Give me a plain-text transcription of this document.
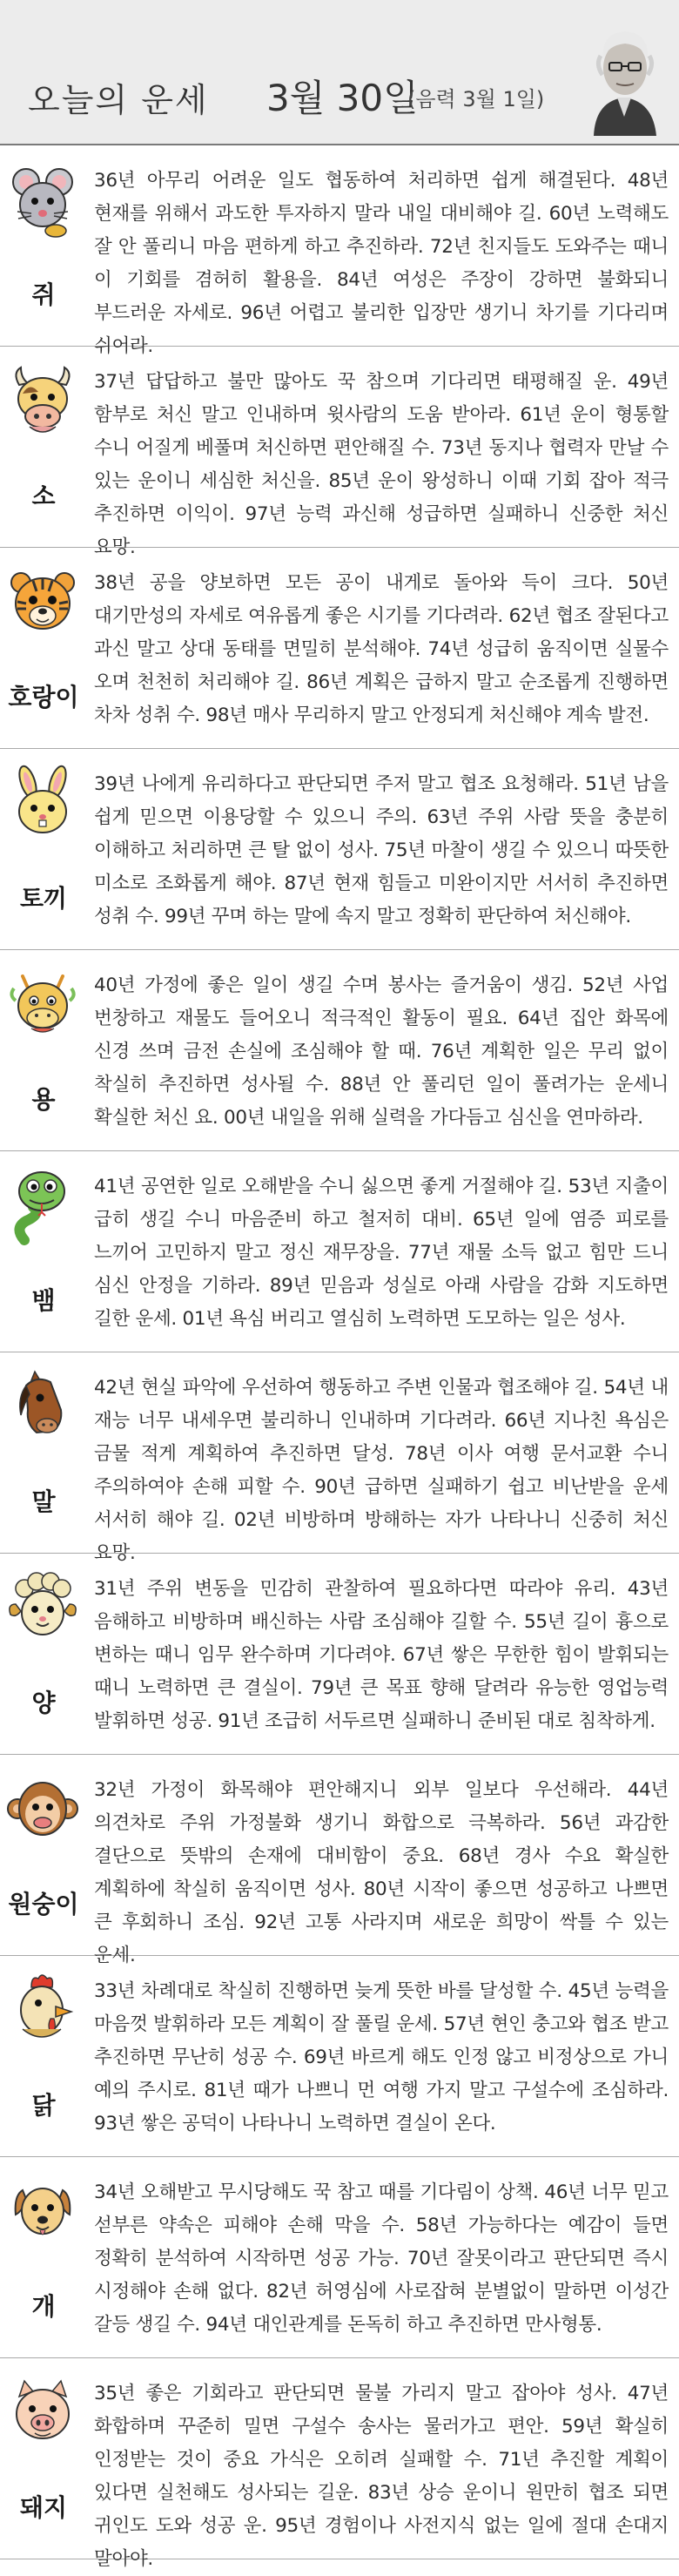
오늘의 운세 3월 30일
(음력 3월 1일)
쥐
36년 아무리 어려운 일도 협동하여 처리하면 쉽게 해결된다. 48년 현재를 위해서 과도한 투자하지 말라 내일 대비해야 길. 60년 노력해도 잘 안 풀리니 마음 편하게 하고 추진하라. 72년 친지들도 도와주는 때니 이 기회를 겸허히 활용을. 84년 여성은 주장이 강하면 불화되니 부드러운 자세로. 96년 어렵고 불리한 입장만 생기니 차기를 기다리며 쉬어라.
소
37년 답답하고 불만 많아도 꾹 참으며 기다리면 태평해질 운. 49년 함부로 처신 말고 인내하며 윗사람의 도움 받아라. 61년 운이 형통할 수니 어질게 베풀며 처신하면 편안해질 수. 73년 동지나 협력자 만날 수 있는 운이니 세심한 처신을. 85년 운이 왕성하니 이때 기회 잡아 적극 추진하면 이익이. 97년 능력 과신해 성급하면 실패하니 신중한 처신 요망.
호랑이
38년 공을 양보하면 모든 공이 내게로 돌아와 득이 크다. 50년 대기만성의 자세로 여유롭게 좋은 시기를 기다려라. 62년 협조 잘된다고 과신 말고 상대 동태를 면밀히 분석해야. 74년 성급히 움직이면 실물수 오며 천천히 처리해야 길. 86년 계획은 급하지 말고 순조롭게 진행하면 차차 성취 수. 98년 매사 무리하지 말고 안정되게 처신해야 계속 발전.
토끼
39년 나에게 유리하다고 판단되면 주저 말고 협조 요청해라. 51년 남을 쉽게 믿으면 이용당할 수 있으니 주의. 63년 주위 사람 뜻을 충분히 이해하고 처리하면 큰 탈 없이 성사. 75년 마찰이 생길 수 있으니 따뜻한 미소로 조화롭게 해야. 87년 현재 힘들고 미완이지만 서서히 추진하면 성취 수. 99년 꾸며 하는 말에 속지 말고 정확히 판단하여 처신해야.
용
40년 가정에 좋은 일이 생길 수며 봉사는 즐거움이 생김. 52년 사업 번창하고 재물도 들어오니 적극적인 활동이 필요. 64년 집안 화목에 신경 쓰며 금전 손실에 조심해야 할 때. 76년 계획한 일은 무리 없이 착실히 추진하면 성사될 수. 88년 안 풀리던 일이 풀려가는 운세니 확실한 처신 요. 00년 내일을 위해 실력을 가다듬고 심신을 연마하라.
뱀
41년 공연한 일로 오해받을 수니 싫으면 좋게 거절해야 길. 53년 지출이 급히 생길 수니 마음준비 하고 철저히 대비. 65년 일에 염증 피로를 느끼어 고민하지 말고 정신 재무장을. 77년 재물 소득 없고 힘만 드니 심신 안정을 기하라. 89년 믿음과 성실로 아래 사람을 감화 지도하면 길한 운세. 01년 욕심 버리고 열심히 노력하면 도모하는 일은 성사.
말
42년 현실 파악에 우선하여 행동하고 주변 인물과 협조해야 길. 54년 내 재능 너무 내세우면 불리하니 인내하며 기다려라. 66년 지나친 욕심은 금물 적게 계획하여 추진하면 달성. 78년 이사 여행 문서교환 수니 주의하여야 손해 피할 수. 90년 급하면 실패하기 쉽고 비난받을 운세 서서히 해야 길. 02년 비방하며 방해하는 자가 나타나니 신중히 처신 요망.
양
31년 주위 변동을 민감히 관찰하여 필요하다면 따라야 유리. 43년 음해하고 비방하며 배신하는 사람 조심해야 길할 수. 55년 길이 흉으로 변하는 때니 임무 완수하며 기다려야. 67년 쌓은 무한한 힘이 발휘되는 때니 노력하면 큰 결실이. 79년 큰 목표 향해 달려라 유능한 영업능력 발휘하면 성공. 91년 조급히 서두르면 실패하니 준비된 대로 침착하게.
원숭이
32년 가정이 화목해야 편안해지니 외부 일보다 우선해라. 44년 의견차로 주위 가정불화 생기니 화합으로 극복하라. 56년 과감한 결단으로 뜻밖의 손재에 대비함이 중요. 68년 경사 수요 확실한 계획하에 착실히 움직이면 성사. 80년 시작이 좋으면 성공하고 나쁘면 큰 후회하니 조심. 92년 고통 사라지며 새로운 희망이 싹틀 수 있는 운세.
닭
33년 차례대로 착실히 진행하면 늦게 뜻한 바를 달성할 수. 45년 능력을 마음껏 발휘하라 모든 계획이 잘 풀릴 운세. 57년 현인 충고와 협조 받고 추진하면 무난히 성공 수. 69년 바르게 해도 인정 않고 비정상으로 가니 예의 주시로. 81년 때가 나쁘니 먼 여행 가지 말고 구설수에 조심하라. 93년 쌓은 공덕이 나타나니 노력하면 결실이 온다.
개
34년 오해받고 무시당해도 꾹 참고 때를 기다림이 상책. 46년 너무 믿고 섣부른 약속은 피해야 손해 막을 수. 58년 가능하다는 예감이 들면 정확히 분석하여 시작하면 성공 가능. 70년 잘못이라고 판단되면 즉시 시정해야 손해 없다. 82년 허영심에 사로잡혀 분별없이 말하면 이성간 갈등 생길 수. 94년 대인관계를 돈독히 하고 추진하면 만사형통.
돼지
35년 좋은 기회라고 판단되면 물불 가리지 말고 잡아야 성사. 47년 화합하며 꾸준히 밀면 구설수 송사는 물러가고 편안. 59년 확실히 인정받는 것이 중요 가식은 오히려 실패할 수. 71년 추진할 계획이 있다면 실천해도 성사되는 길운. 83년 상승 운이니 원만히 협조 되면 귀인도 도와 성공 운. 95년 경험이나 사전지식 없는 일에 절대 손대지 말아야.
